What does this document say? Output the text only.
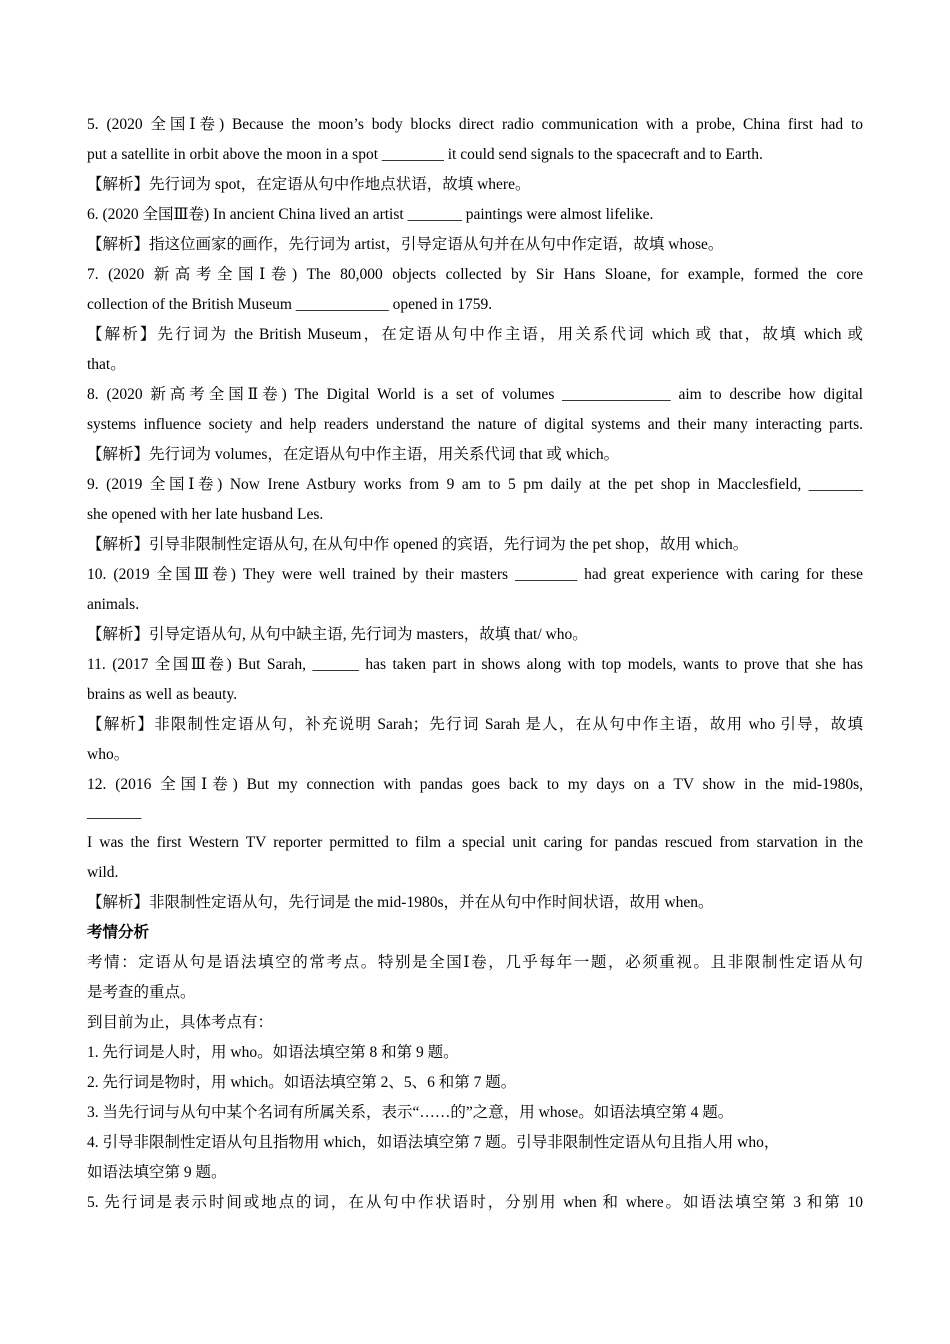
5. (2020 全国Ⅰ卷) Because the moon’s body blocks direct radio communication with a probe, China first had to

put a satellite in orbit above the moon in a spot ________ it could send signals to the spacecraft and to Earth.

【解析】先行词为 spot，在定语从句中作地点状语，故填 where。

6. (2020 全国Ⅲ卷) In ancient China lived an artist _______ paintings were almost lifelike.

【解析】指这位画家的画作，先行词为 artist，引导定语从句并在从句中作定语，故填 whose。

7. (2020 新高考全国Ⅰ卷) The 80,000 objects collected by Sir Hans Sloane, for example, formed the core

collection of the British Museum ____________ opened in 1759.

【解析】先行词为 the British Museum，在定语从句中作主语，用关系代词 which 或 that，故填 which 或

that。

8. (2020 新高考全国Ⅱ卷) The Digital World is a set of volumes ______________ aim to describe how digital

systems influence society and help readers understand the nature of digital systems and their many interacting parts.

【解析】先行词为 volumes，在定语从句中作主语，用关系代词 that 或 which。

9. (2019 全国Ⅰ卷) Now Irene Astbury works from 9 am to 5 pm daily at the pet shop in Macclesfield, _______

she opened with her late husband Les.

【解析】引导非限制性定语从句, 在从句中作 opened 的宾语，先行词为 the pet shop，故用 which。

10. (2019 全国Ⅲ卷) They were well trained by their masters ________ had great experience with caring for these

animals.

【解析】引导定语从句, 从句中缺主语, 先行词为 masters，故填 that/ who。

11. (2017 全国Ⅲ卷) But Sarah, ______ has taken part in shows along with top models, wants to prove that she has

brains as well as beauty.

【解析】非限制性定语从句，补充说明 Sarah；先行词 Sarah 是人，在从句中作主语，故用 who 引导，故填

who。

12. (2016 全国Ⅰ卷) But my connection with pandas goes back to my days on a TV show in the mid-1980s,

_______

I was the first Western TV reporter permitted to film a special unit caring for pandas rescued from starvation in the

wild.

【解析】非限制性定语从句，先行词是 the mid-1980s，并在从句中作时间状语，故用 when。

考情分析

考情：定语从句是语法填空的常考点。特别是全国Ⅰ卷，几乎每年一题，必须重视。且非限制性定语从句

是考查的重点。

到目前为止，具体考点有：

1. 先行词是人时，用 who。如语法填空第 8 和第 9 题。

2. 先行词是物时，用 which。如语法填空第 2、5、6 和第 7 题。

3. 当先行词与从句中某个名词有所属关系，表示“……的”之意，用 whose。如语法填空第 4 题。

4. 引导非限制性定语从句且指物用 which，如语法填空第 7 题。引导非限制性定语从句且指人用 who，

如语法填空第 9 题。

5. 先行词是表示时间或地点的词，在从句中作状语时，分别用 when 和 where。如语法填空第 3 和第 10
